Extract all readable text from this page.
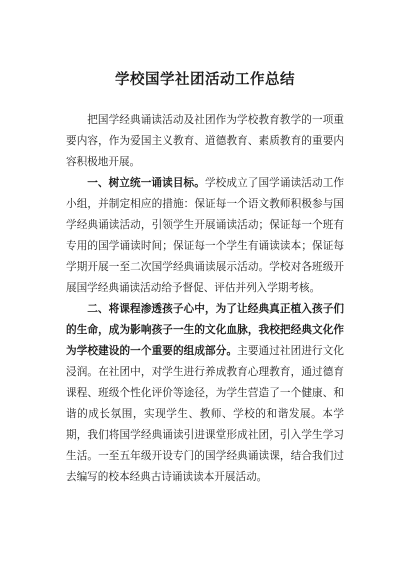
学校国学社团活动工作总结

把国学经典诵读活动及社团作为学校教育教学的一项重要内容，作为爱国主义教育、道德教育、素质教育的重要内容积极地开展。

一、树立统一诵读目标。学校成立了国学诵读活动工作小组，并制定相应的措施：保证每一个语文教师积极参与国学经典诵读活动，引领学生开展诵读活动；保证每一个班有专用的国学诵读时间；保证每一个学生有诵读读本；保证每学期开展一至二次国学经典诵读展示活动。学校对各班级开展国学经典诵读活动给予督促、评估并列入学期考核。

二、将课程渗透孩子心中，为了让经典真正植入孩子们的生命，成为影响孩子一生的文化血脉，我校把经典文化作为学校建设的一个重要的组成部分。主要通过社团进行文化浸润。在社团中，对学生进行养成教育心理教育，通过德育课程、班级个性化评价等途径，为学生营造了一个健康、和谐的成长氛围，实现学生、教师、学校的和谐发展。本学期，我们将国学经典诵读引进课堂形成社团，引入学生学习生活。一至五年级开设专门的国学经典诵读课，结合我们过去编写的校本经典古诗诵读读本开展活动。
